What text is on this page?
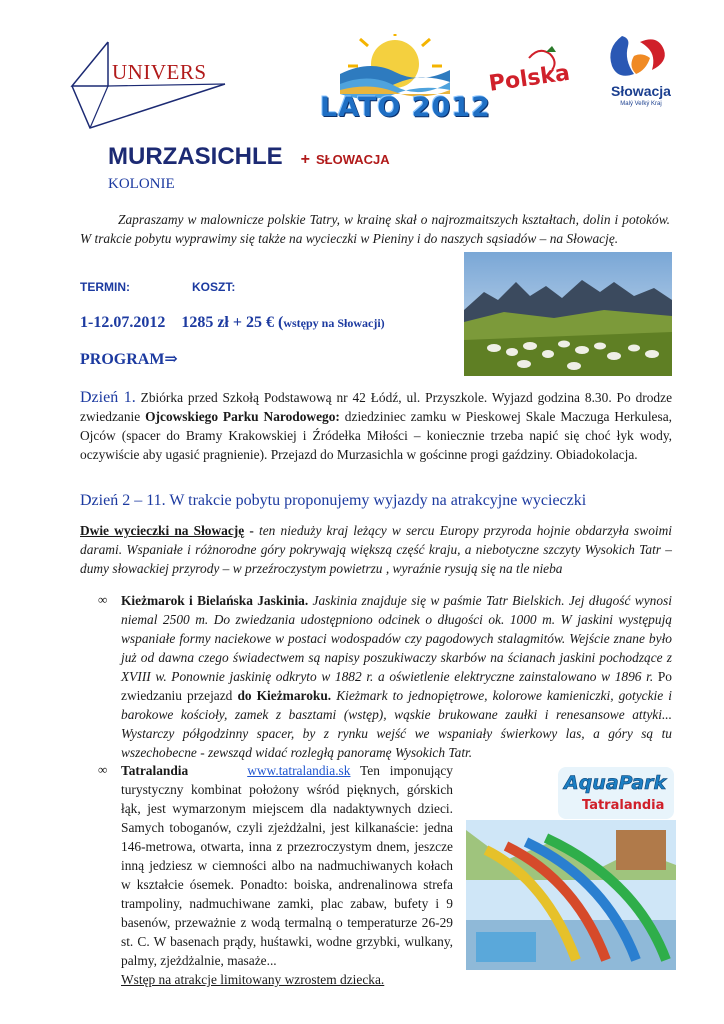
UNIVERS
LATO 2012
Polska	Słowacja
Malý Veľký Kraj
MURZASICHLE + SŁOWACJA
KOLONIE
Zapraszamy w malownicze polskie Tatry, w krainę skał o najrozmaitszych kształtach, dolin i potoków. W trakcie pobytu wyprawimy się także na wycieczki w Pieniny i do naszych sąsiadów – na Słowację.
TERMIN:	KOSZT:
1-12.07.2012 1285 zł + 25 € (wstępy na Słowacji)
PROGRAM⇒
Dzień 1. Zbiórka przed Szkołą Podstawową nr 42 Łódź, ul. Przyszkole. Wyjazd godzina 8.30. Po drodze zwiedzanie Ojcowskiego Parku Narodowego: dziedziniec zamku w Pieskowej Skale Maczuga Herkulesa, Ojców (spacer do Bramy Krakowskiej i Źródełka Miłości – koniecznie trzeba napić się choć łyk wody, oczywiście aby ugasić pragnienie). Przejazd do Murzasichla w gościnne progi gaździny. Obiadokolacja.
Dzień 2 – 11. W trakcie pobytu proponujemy wyjazdy na atrakcyjne wycieczki
Dwie wycieczki na Słowację - ten niedużу kraj leżący w sercu Europy przyroda hojnie obdarzyła swoimi darami. Wspaniałe i różnorodne góry pokrywają większą część kraju, a niebotyczne szczyty Wysokich Tatr – dumy słowackiej przyrody – w przeźroczystym powietrzu , wyraźnie rysują się na tle nieba
∞ Kieżmarok i Bielańska Jaskinia. Jaskinia znajduje się w paśmie Tatr Bielskich. Jej długość wynosi niemal 2500 m. Do zwiedzania udostępniono odcinek o długości ok. 1000 m. W jaskini występują wspaniałe formy naciekowe w postaci wodospadów czy pagodowych stalagmitów. Wejście znane było już od dawna czego świadectwem są napisy poszukiwaczy skarbów na ścianach jaskini pochodzące z XVIII w. Ponownie jaskinię odkryto w 1882 r. a oświetlenie elektryczne zainstalowano w 1896 r. Po zwiedzaniu przejazd do Kieżmaroku. Kieżmark to jednopiętrowe, kolorowe kamieniczki, gotyckie i barokowe kościoły, zamek z basztami (wstęp), wąskie brukowane zaułki i renesansowe attyki... Wystarczy półgodzinny spacer, by z rynku wejść we wspaniały świerkowy las, a góry są tu wszechobecne - zewsząd widać rozległą panoramę Wysokich Tatr.
∞ Tatralandia	www.tatralandia.sk Ten imponujący turystyczny kombinat położony wśród pięknych, górskich łąk, jest wymarzonym miejscem dla nadaktywnych dzieci. Samych toboganów, czyli zjeżdżalni, jest kilkanaście: jedna 146-metrowa, otwarta, inna z przezroczystym dnem, jeszcze inną jedziesz w ciemności albo na nadmuchiwanych kołach w kształcie ósemek. Ponadto: boiska, andrenalinowa strefa trampoliny, nadmuchiwane zamki, plac zabaw, bufety i 9 basenów, przeważnie z wodą termalną o temperaturze 26-29 st. C. W basenach prądy, huśtawki, wodne grzybki, wulkany, palmy, zjeżdżalnie, masaże...
Wstęp na atrakcje limitowany wzrostem dziecka.
AquaPark
Tatralandia
